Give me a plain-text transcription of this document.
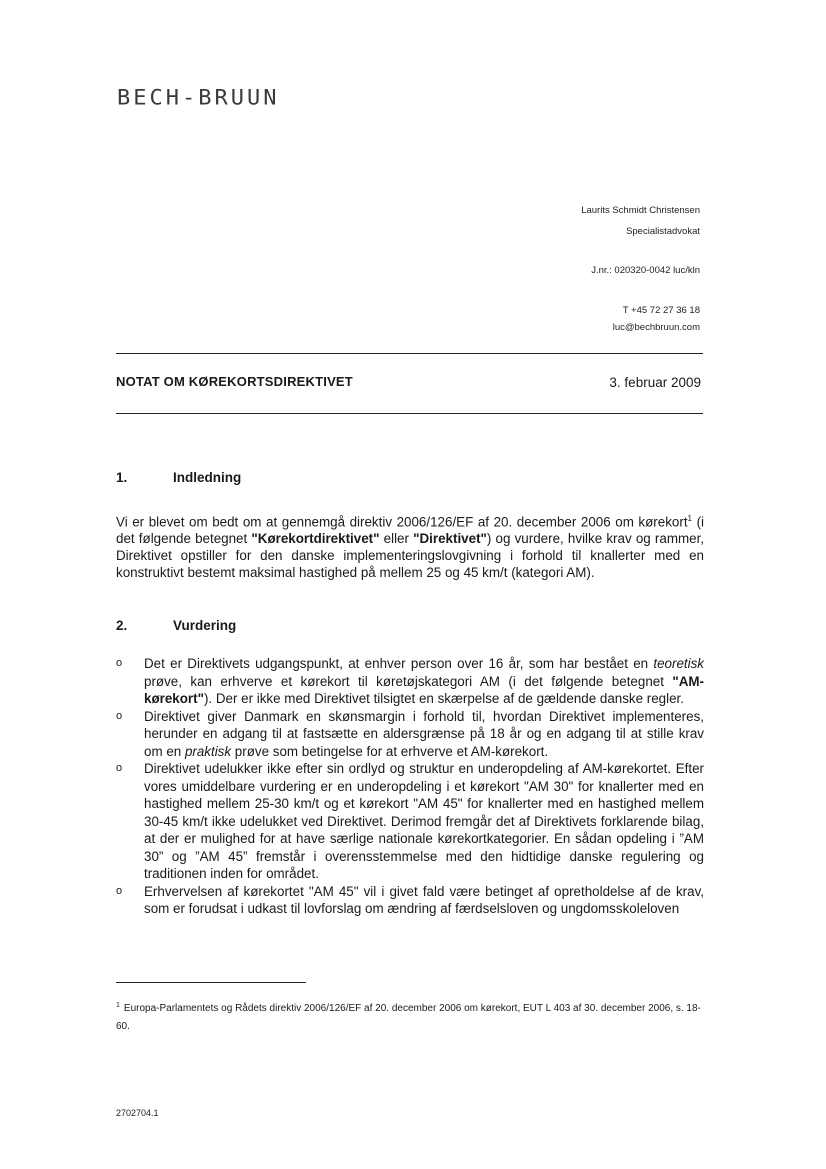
BECH-BRUUN
Laurits Schmidt Christensen
Specialistadvokat
J.nr.: 020320-0042 luc/kln
T +45 72 27 36 18
luc@bechbruun.com
NOTAT OM KØREKORTSDIREKTIVET	3. februar 2009
1.	Indledning
Vi er blevet om bedt om at gennemgå direktiv 2006/126/EF af 20. december 2006 om kørekort$^1$ (i det følgende betegnet "Kørekortdirektivet" eller "Direktivet") og vurdere, hvilke krav og rammer, Direktivet opstiller for den danske implementeringslovgivning i forhold til knallerter med en konstruktivt bestemt maksimal hastighed på mellem 25 og 45 km/t (kategori AM).
2.	Vurdering
o Det er Direktivets udgangspunkt, at enhver person over 16 år, som har bestået en teoretisk prøve, kan erhverve et kørekort til køretøjskategori AM (i det følgende betegnet "AM-kørekort"). Der er ikke med Direktivet tilsigtet en skærpelse af de gældende danske regler.
o Direktivet giver Danmark en skønsmargin i forhold til, hvordan Direktivet implementeres, herunder en adgang til at fastsætte en aldersgrænse på 18 år og en adgang til at stille krav om en praktisk prøve som betingelse for at erhverve et AM-kørekort.
o Direktivet udelukker ikke efter sin ordlyd og struktur en underopdeling af AM-kørekortet. Efter vores umiddelbare vurdering er en underopdeling i et kørekort "AM 30" for knallerter med en hastighed mellem 25-30 km/t og et kørekort "AM 45" for knallerter med en hastighed mellem 30-45 km/t ikke udelukket ved Direktivet. Derimod fremgår det af Direktivets forklarende bilag, at der er mulighed for at have særlige nationale kørekortkategorier. En sådan opdeling i ”AM 30” og ”AM 45” fremstår i overensstemmelse med den hidtidige danske regulering og traditionen inden for området.
o Erhvervelsen af kørekortet "AM 45" vil i givet fald være betinget af opretholdelse af de krav, som er forudsat i udkast til lovforslag om ændring af færdselsloven og ungdomsskoleloven
$^1$ Europa-Parlamentets og Rådets direktiv 2006/126/EF af 20. december 2006 om kørekort, EUT L 403 af 30. december 2006, s. 18-60.
2702704.1
